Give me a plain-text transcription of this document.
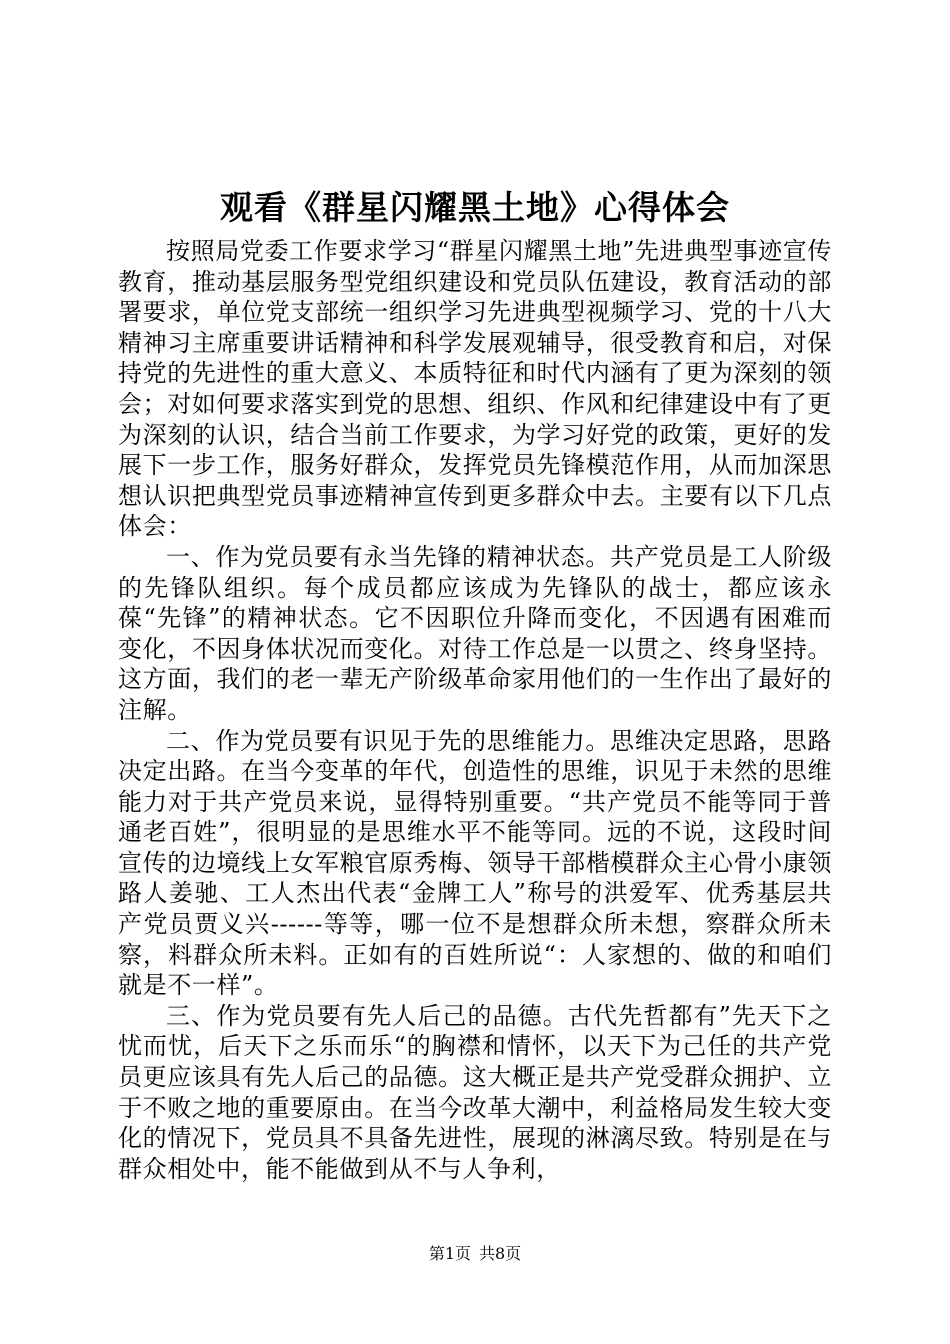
观看《群星闪耀黑土地》心得体会

按照局党委工作要求学习“群星闪耀黑土地”先进典型事迹宣传教育，推动基层服务型党组织建设和党员队伍建设，教育活动的部署要求，单位党支部统一组织学习先进典型视频学习、党的十八大精神习主席重要讲话精神和科学发展观辅导，很受教育和启，对保持党的先进性的重大意义、本质特征和时代内涵有了更为深刻的领会；对如何要求落实到党的思想、组织、作风和纪律建设中有了更为深刻的认识，结合当前工作要求，为学习好党的政策，更好的发展下一步工作，服务好群众，发挥党员先锋模范作用，从而加深思想认识把典型党员事迹精神宣传到更多群众中去。主要有以下几点体会：

一、作为党员要有永当先锋的精神状态。共产党员是工人阶级的先锋队组织。每个成员都应该成为先锋队的战士，都应该永葆“先锋”的精神状态。它不因职位升降而变化，不因遇有困难而变化，不因身体状况而变化。对待工作总是一以贯之、终身坚持。这方面，我们的老一辈无产阶级革命家用他们的一生作出了最好的注解。

二、作为党员要有识见于先的思维能力。思维决定思路，思路决定出路。在当今变革的年代，创造性的思维，识见于未然的思维能力对于共产党员来说，显得特别重要。“共产党员不能等同于普通老百姓”，很明显的是思维水平不能等同。远的不说，这段时间宣传的边境线上女军粮官原秀梅、领导干部楷模群众主心骨小康领路人姜驰、工人杰出代表“金牌工人”称号的洪爱军、优秀基层共产党员贾义兴------等等，哪一位不是想群众所未想，察群众所未察，料群众所未料。正如有的百姓所说“：人家想的、做的和咱们就是不一样”。

三、作为党员要有先人后己的品德。古代先哲都有”先天下之忧而忧，后天下之乐而乐“的胸襟和情怀，以天下为己任的共产党员更应该具有先人后己的品德。这大概正是共产党受群众拥护、立于不败之地的重要原由。在当今改革大潮中，利益格局发生较大变化的情况下，党员具不具备先进性，展现的淋漓尽致。特别是在与群众相处中，能不能做到从不与人争利，

第1页 共8页
